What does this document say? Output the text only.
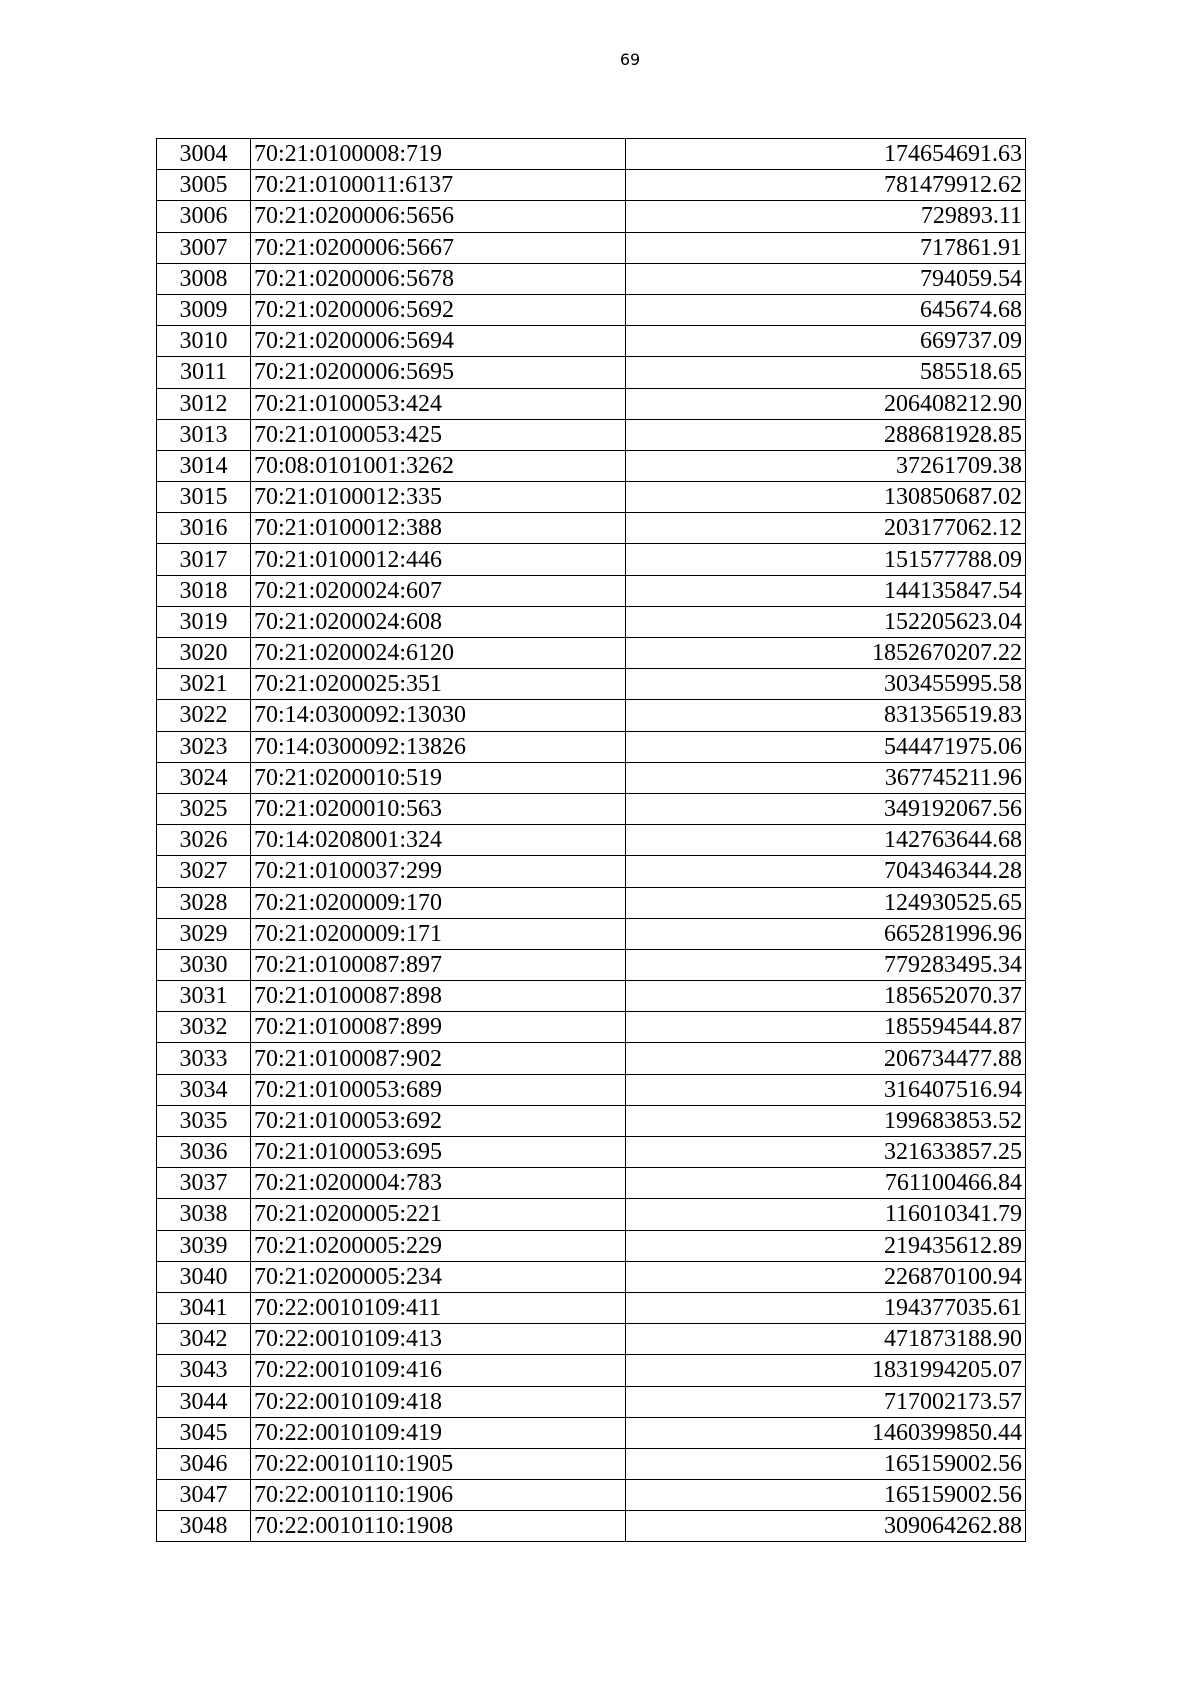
69
3004	70:21:0100008:719	174654691.63
3005	70:21:0100011:6137	781479912.62
3006	70:21:0200006:5656	729893.11
3007	70:21:0200006:5667	717861.91
3008	70:21:0200006:5678	794059.54
3009	70:21:0200006:5692	645674.68
3010	70:21:0200006:5694	669737.09
3011	70:21:0200006:5695	585518.65
3012	70:21:0100053:424	206408212.90
3013	70:21:0100053:425	288681928.85
3014	70:08:0101001:3262	37261709.38
3015	70:21:0100012:335	130850687.02
3016	70:21:0100012:388	203177062.12
3017	70:21:0100012:446	151577788.09
3018	70:21:0200024:607	144135847.54
3019	70:21:0200024:608	152205623.04
3020	70:21:0200024:6120	1852670207.22
3021	70:21:0200025:351	303455995.58
3022	70:14:0300092:13030	831356519.83
3023	70:14:0300092:13826	544471975.06
3024	70:21:0200010:519	367745211.96
3025	70:21:0200010:563	349192067.56
3026	70:14:0208001:324	142763644.68
3027	70:21:0100037:299	704346344.28
3028	70:21:0200009:170	124930525.65
3029	70:21:0200009:171	665281996.96
3030	70:21:0100087:897	779283495.34
3031	70:21:0100087:898	185652070.37
3032	70:21:0100087:899	185594544.87
3033	70:21:0100087:902	206734477.88
3034	70:21:0100053:689	316407516.94
3035	70:21:0100053:692	199683853.52
3036	70:21:0100053:695	321633857.25
3037	70:21:0200004:783	761100466.84
3038	70:21:0200005:221	116010341.79
3039	70:21:0200005:229	219435612.89
3040	70:21:0200005:234	226870100.94
3041	70:22:0010109:411	194377035.61
3042	70:22:0010109:413	471873188.90
3043	70:22:0010109:416	1831994205.07
3044	70:22:0010109:418	717002173.57
3045	70:22:0010109:419	1460399850.44
3046	70:22:0010110:1905	165159002.56
3047	70:22:0010110:1906	165159002.56
3048	70:22:0010110:1908	309064262.88
